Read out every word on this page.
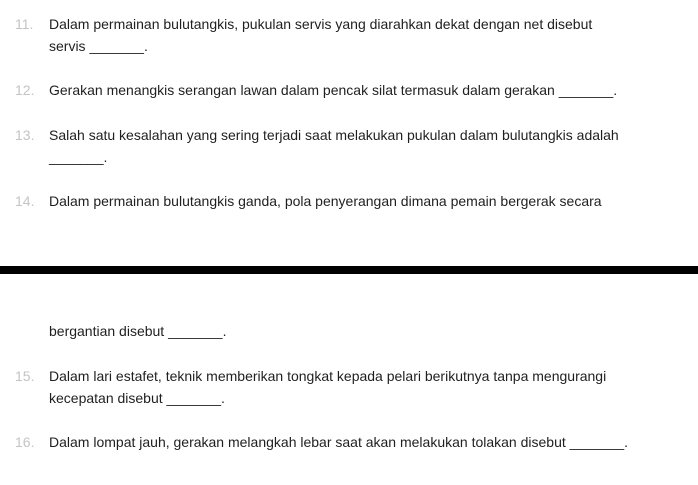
11.	Dalam permainan bulutangkis, pukulan servis yang diarahkan dekat dengan net disebut
servis _______.
12.	Gerakan menangkis serangan lawan dalam pencak silat termasuk dalam gerakan _______.
13.	Salah satu kesalahan yang sering terjadi saat melakukan pukulan dalam bulutangkis adalah
_______.
14.	Dalam permainan bulutangkis ganda, pola penyerangan dimana pemain bergerak secara
bergantian disebut _______.
15.	Dalam lari estafet, teknik memberikan tongkat kepada pelari berikutnya tanpa mengurangi
kecepatan disebut _______.
16.	Dalam lompat jauh, gerakan melangkah lebar saat akan melakukan tolakan disebut _______.
